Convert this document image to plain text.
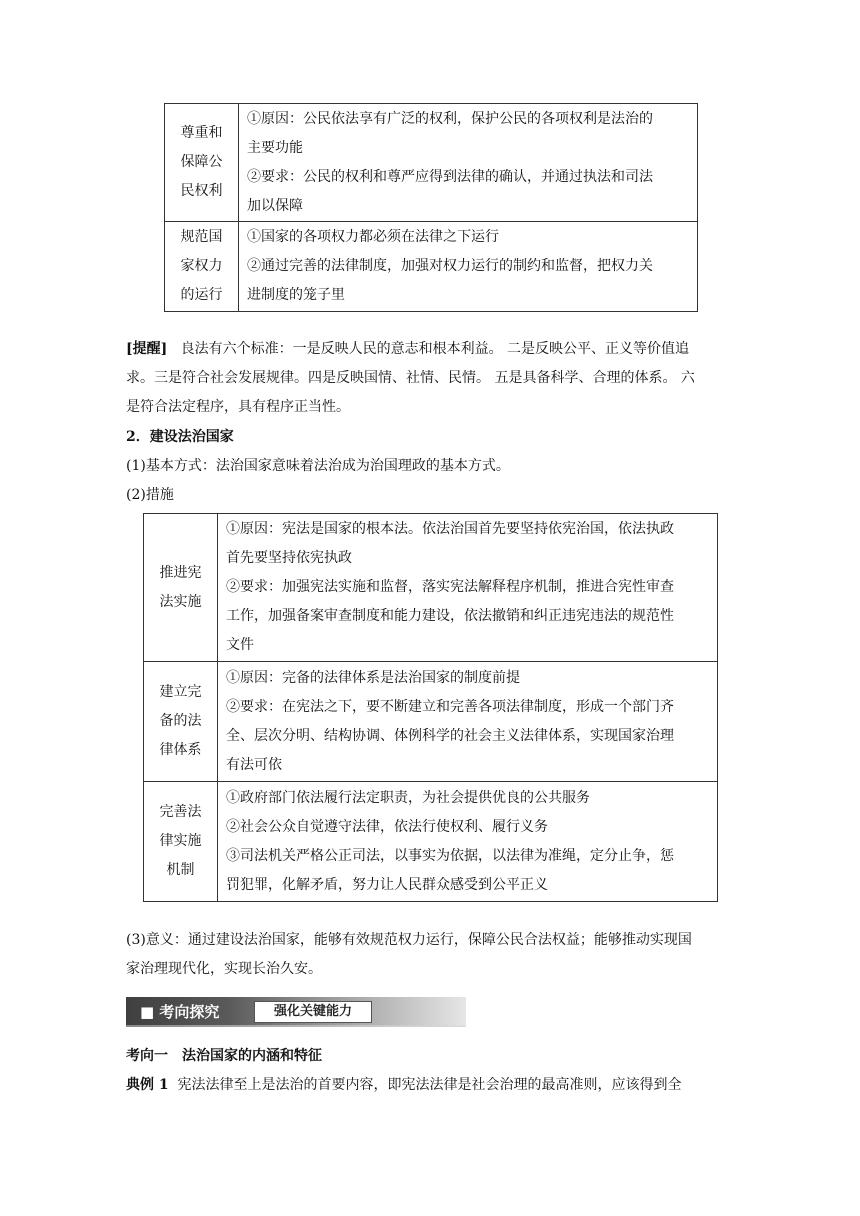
尊重和
保障公
民权利	①原因：公民依法享有广泛的权利，保护公民的各项权利是法治的
主要功能
②要求：公民的权利和尊严应得到法律的确认，并通过执法和司法
加以保障

规范国
家权力
的运行	①国家的各项权力都必须在法律之下运行
②通过完善的法律制度，加强对权力运行的制约和监督，把权力关
进制度的笼子里
[提醒] 良法有六个标准：一是反映人民的意志和根本利益。 二是反映公平、正义等价值追
求。三是符合社会发展规律。四是反映国情、社情、民情。 五是具备科学、合理的体系。 六
是符合法定程序，具有程序正当性。
2．建设法治国家
(1)基本方式：法治国家意味着法治成为治国理政的基本方式。
(2)措施
推进宪
法实施	①原因：宪法是国家的根本法。依法治国首先要坚持依宪治国，依法执政
首先要坚持依宪执政
②要求：加强宪法实施和监督，落实宪法解释程序机制，推进合宪性审查
工作，加强备案审查制度和能力建设，依法撤销和纠正违宪违法的规范性
文件

建立完
备的法
律体系	①原因：完备的法律体系是法治国家的制度前提
②要求：在宪法之下，要不断建立和完善各项法律制度，形成一个部门齐
全、层次分明、结构协调、体例科学的社会主义法律体系，实现国家治理
有法可依

完善法
律实施
机制	①政府部门依法履行法定职责，为社会提供优良的公共服务
②社会公众自觉遵守法律，依法行使权利、履行义务
③司法机关严格公正司法，以事实为依据，以法律为准绳，定分止争，惩
罚犯罪，化解矛盾，努力让人民群众感受到公平正义
(3)意义：通过建设法治国家，能够有效规范权力运行，保障公民合法权益；能够推动实现国
家治理现代化，实现长治久安。
■ 考向探究	强化关键能力
考向一　法治国家的内涵和特征
典例 1 宪法法律至上是法治的首要内容，即宪法法律是社会治理的最高准则，应该得到全
